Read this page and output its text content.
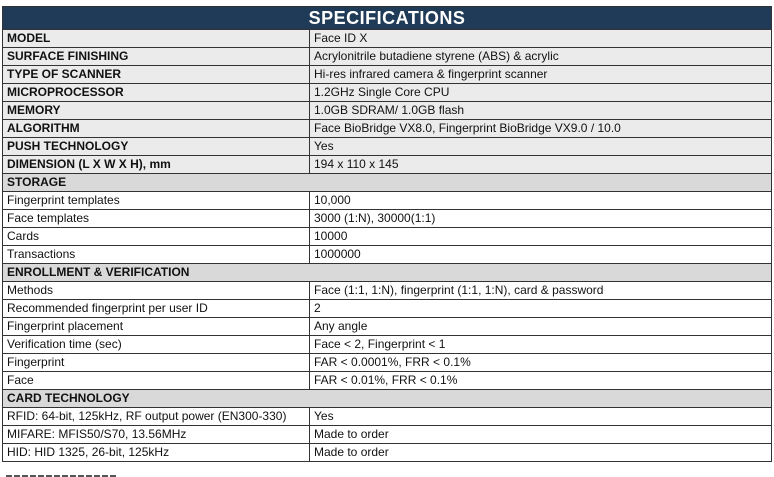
SPECIFICATIONS	
MODEL	Face ID X
SURFACE FINISHING	Acrylonitrile butadiene styrene (ABS) & acrylic
TYPE OF SCANNER	Hi-res infrared camera & fingerprint scanner
MICROPROCESSOR	1.2GHz Single Core CPU
MEMORY	1.0GB SDRAM/ 1.0GB flash
ALGORITHM	Face BioBridge VX8.0, Fingerprint BioBridge VX9.0 / 10.0
PUSH TECHNOLOGY	Yes
DIMENSION (L X W X H), mm	194 x 110 x 145
STORAGE	
Fingerprint templates	10,000
Face templates	3000 (1:N), 30000(1:1)
Cards	10000
Transactions	1000000
ENROLLMENT & VERIFICATION	
Methods	Face (1:1, 1:N), fingerprint (1:1, 1:N), card & password
Recommended fingerprint per user ID	2
Fingerprint placement	Any angle
Verification time (sec)	Face < 2, Fingerprint < 1
Fingerprint	FAR < 0.0001%, FRR < 0.1%
Face	FAR < 0.01%, FRR < 0.1%
CARD TECHNOLOGY	
RFID: 64-bit, 125kHz, RF output power (EN300-330)	Yes
MIFARE: MFIS50/S70, 13.56MHz	Made to order
HID: HID 1325, 26-bit, 125kHz	Made to order
